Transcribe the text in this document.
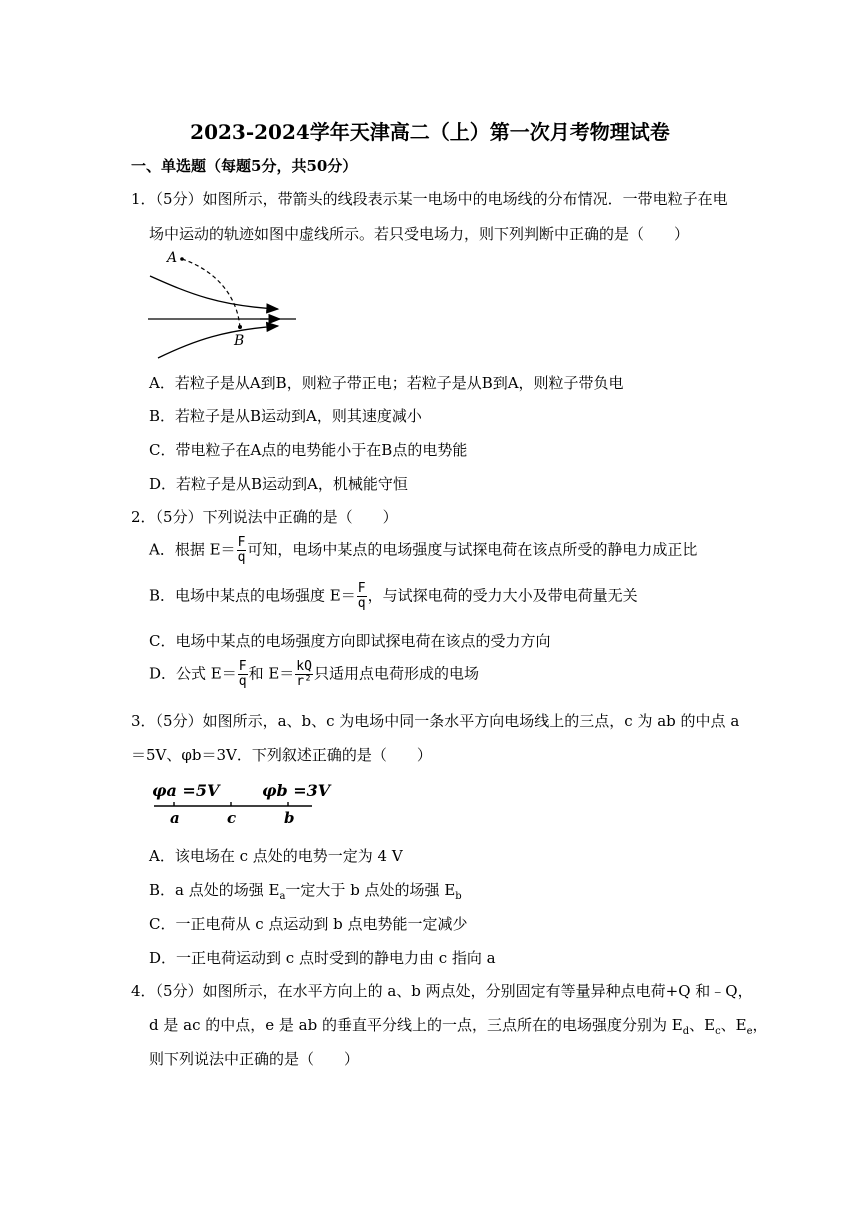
2023-2024学年天津高二（上）第一次月考物理试卷
一、单选题（每题5分，共50分）
1．（5分）如图所示，带箭头的线段表示某一电场中的电场线的分布情况．一带电粒子在电
场中运动的轨迹如图中虚线所示。若只受电场力，则下列判断中正确的是（　　）
A
B
A．若粒子是从A到B，则粒子带正电；若粒子是从B到A，则粒子带负电
B．若粒子是从B运动到A，则其速度减小
C．带电粒子在A点的电势能小于在B点的电势能
D．若粒子是从B运动到A，机械能守恒
2．（5分）下列说法中正确的是（　　）
A．根据 $E= \frac{F}{q}$ 可知，电场中某点的电场强度与试探电荷在该点所受的静电力成正比
B．电场中某点的电场强度 $E= \frac{F}{q}$ ，与试探电荷的受力大小及带电荷量无关
C．电场中某点的电场强度方向即试探电荷在该点的受力方向
D．公式 $E= \frac{F}{q}$ 和 $E= \frac{kQ}{\text{r²}}$ 只适用点电荷形成的电场
3．（5分）如图所示，a、b、c 为电场中同一条水平方向电场线上的三点，c 为 ab 的中点 a
＝5V、φb＝3V．下列叙述正确的是（　　）
φa =5V	φb =3V
a	c	b
A．该电场在 c 点处的电势一定为 4 V
B．a 点处的场强 $E_a$一定大于 b 点处的场强 $E_b$
C．一正电荷从 c 点运动到 b 点电势能一定减少
D．一正电荷运动到 c 点时受到的静电力由 c 指向 a
4．（5分）如图所示，在水平方向上的 a、b 两点处，分别固定有等量异种点电荷+Q 和﹣Q，
d 是 ac 的中点，e 是 ab 的垂直平分线上的一点，三点所在的电场强度分别为 $E_d$、$E_c$、$E_e$，
则下列说法中正确的是（　　）
